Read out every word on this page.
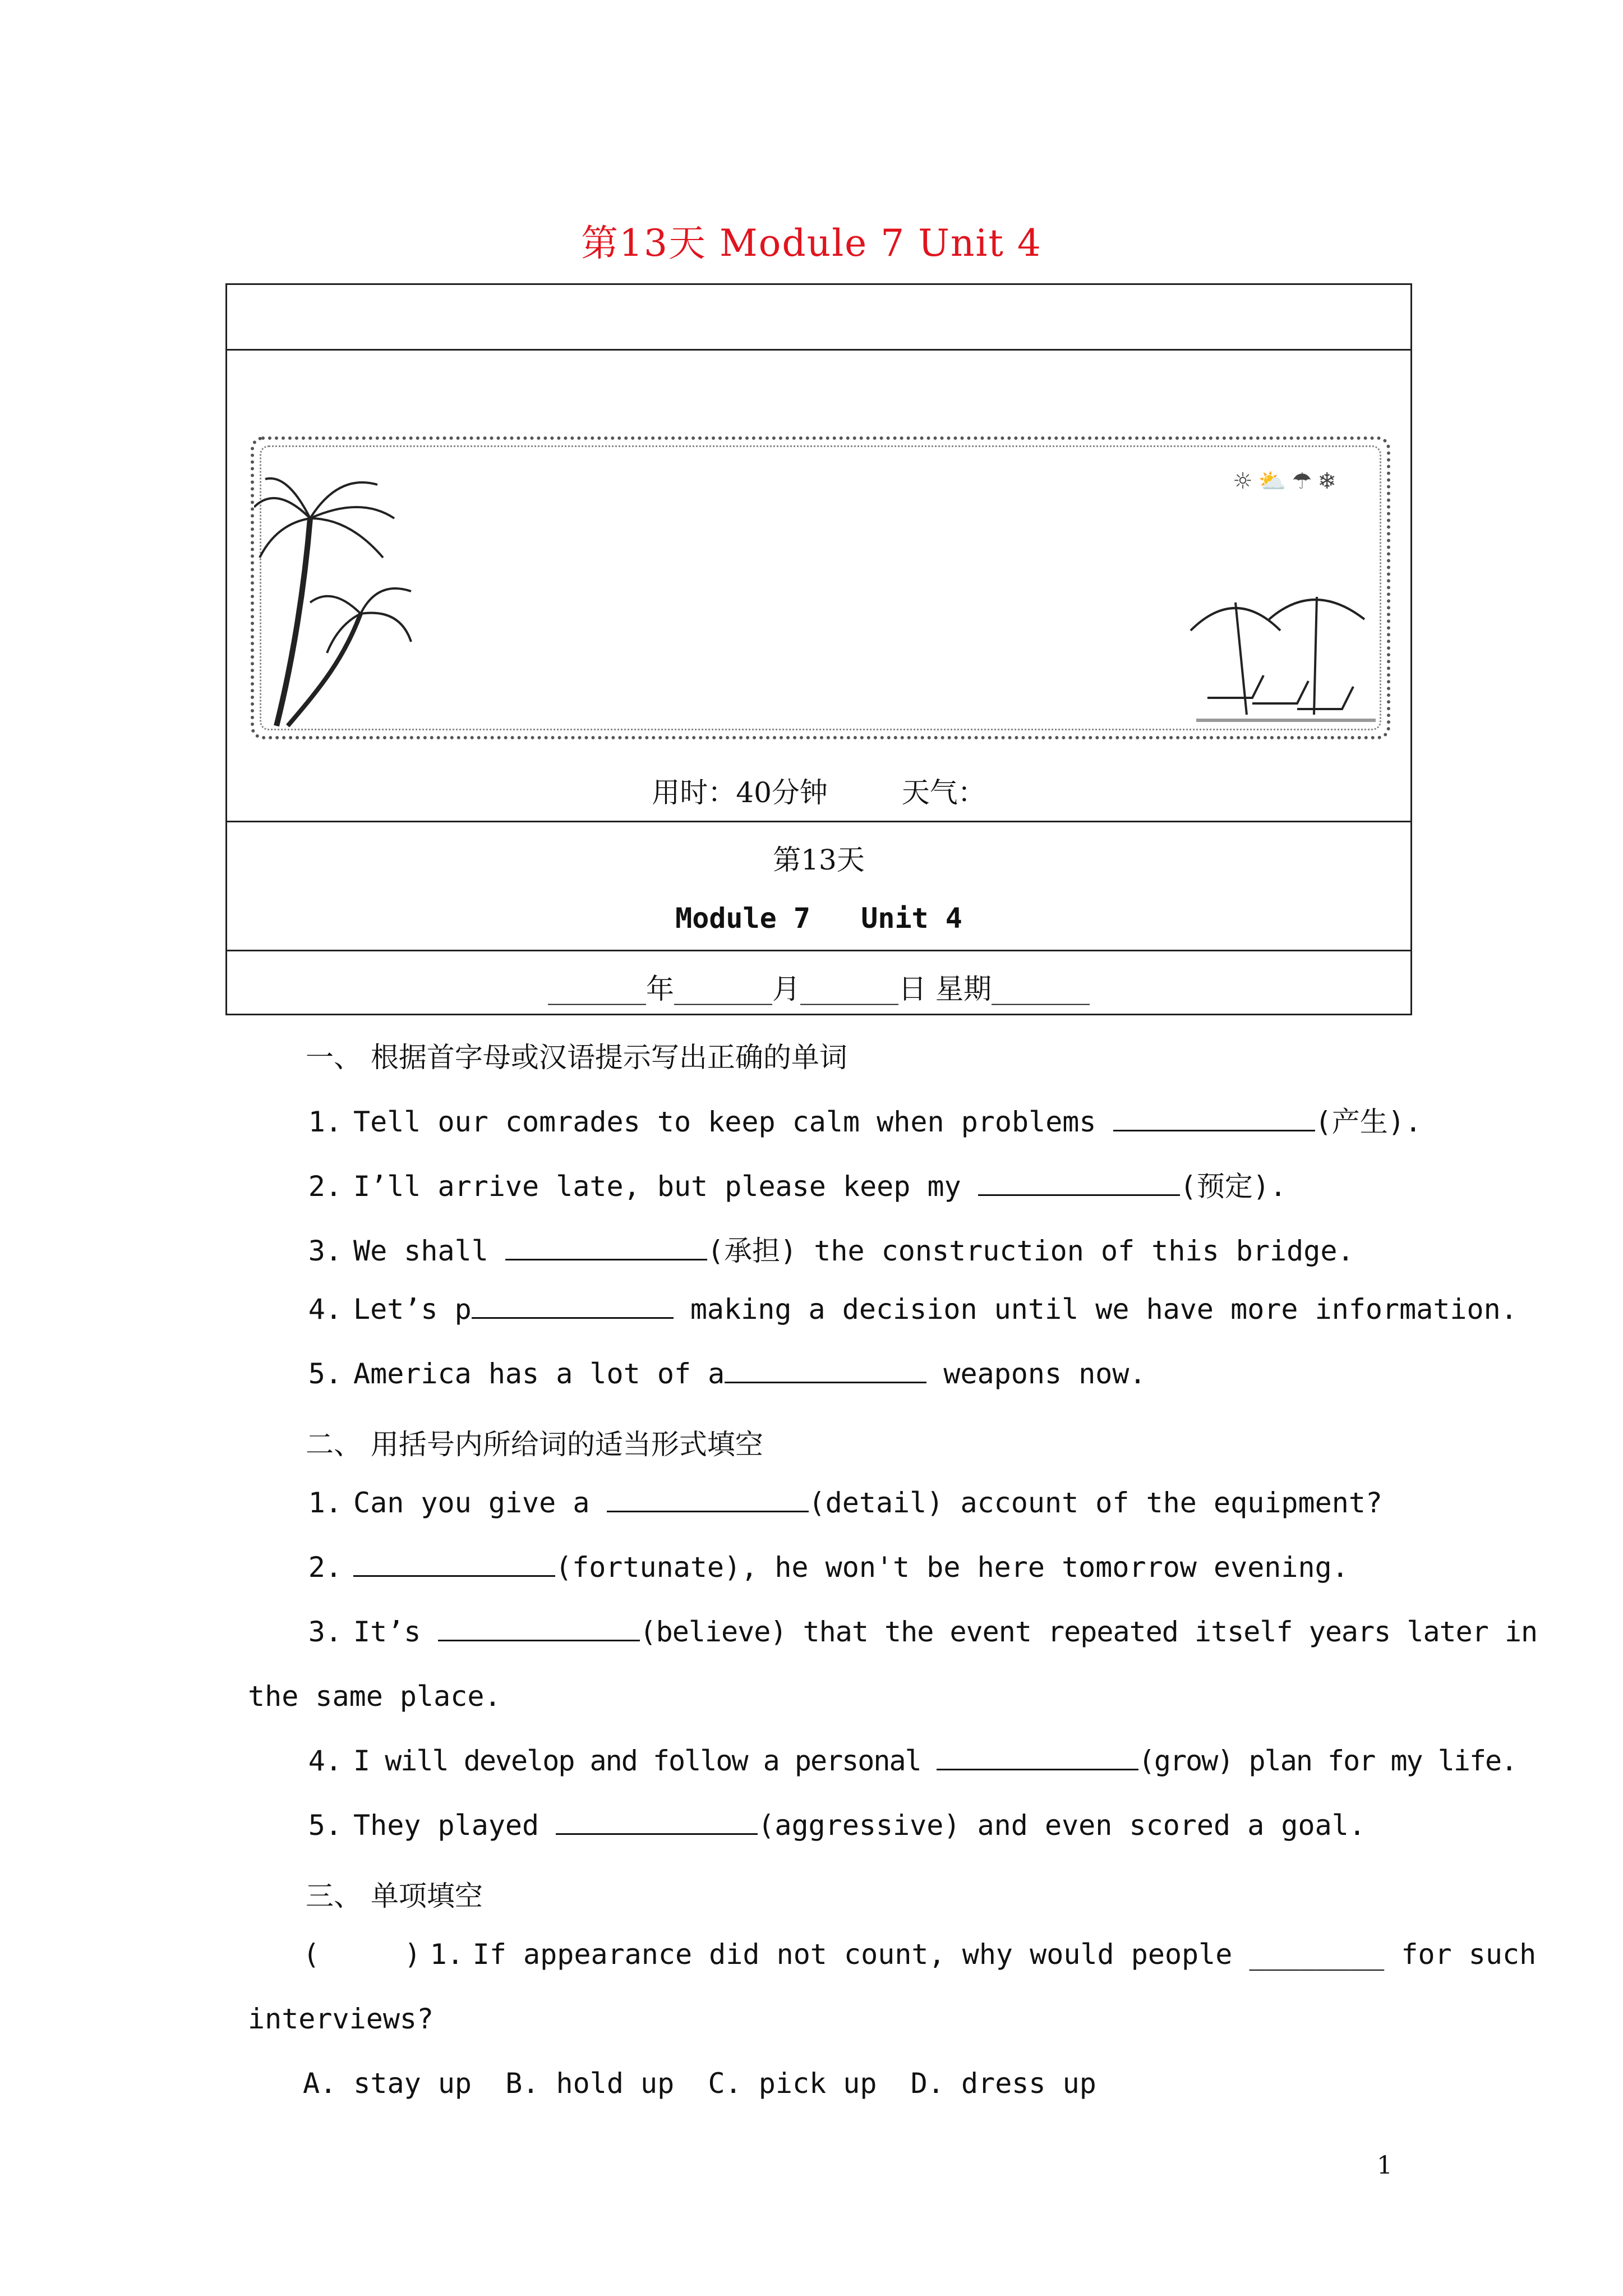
第13天 Module 7 Unit 4
☼⛅☂❄
用时：40分钟	天气：
第13天
Module 7   Unit 4
_______年_______月_______日 星期_______
一、 根据首字母或汉语提示写出正确的单词
1. Tell our comrades to keep calm when problems	(产生).
2. I’ll arrive late, but please keep my	(预定).
3. We shall	(承担) the construction of this bridge.
4. Let’s p	making a decision until we have more information.
5. America has a lot of a	weapons now.
二、 用括号内所给词的适当形式填空
1. Can you give a	(detail) account of the equipment?
2.	(fortunate), he won't be here tomorrow evening.
3. It’s	(believe) that the event repeated itself years later in
the same place.
4. I will develop and follow a personal	(grow) plan for my life.
5. They played	(aggressive) and even scored a goal.
三、 单项填空
(     ) 1. If appearance did not count, why would people ________ for such
interviews?
A. stay up  B. hold up  C. pick up  D. dress up
1
